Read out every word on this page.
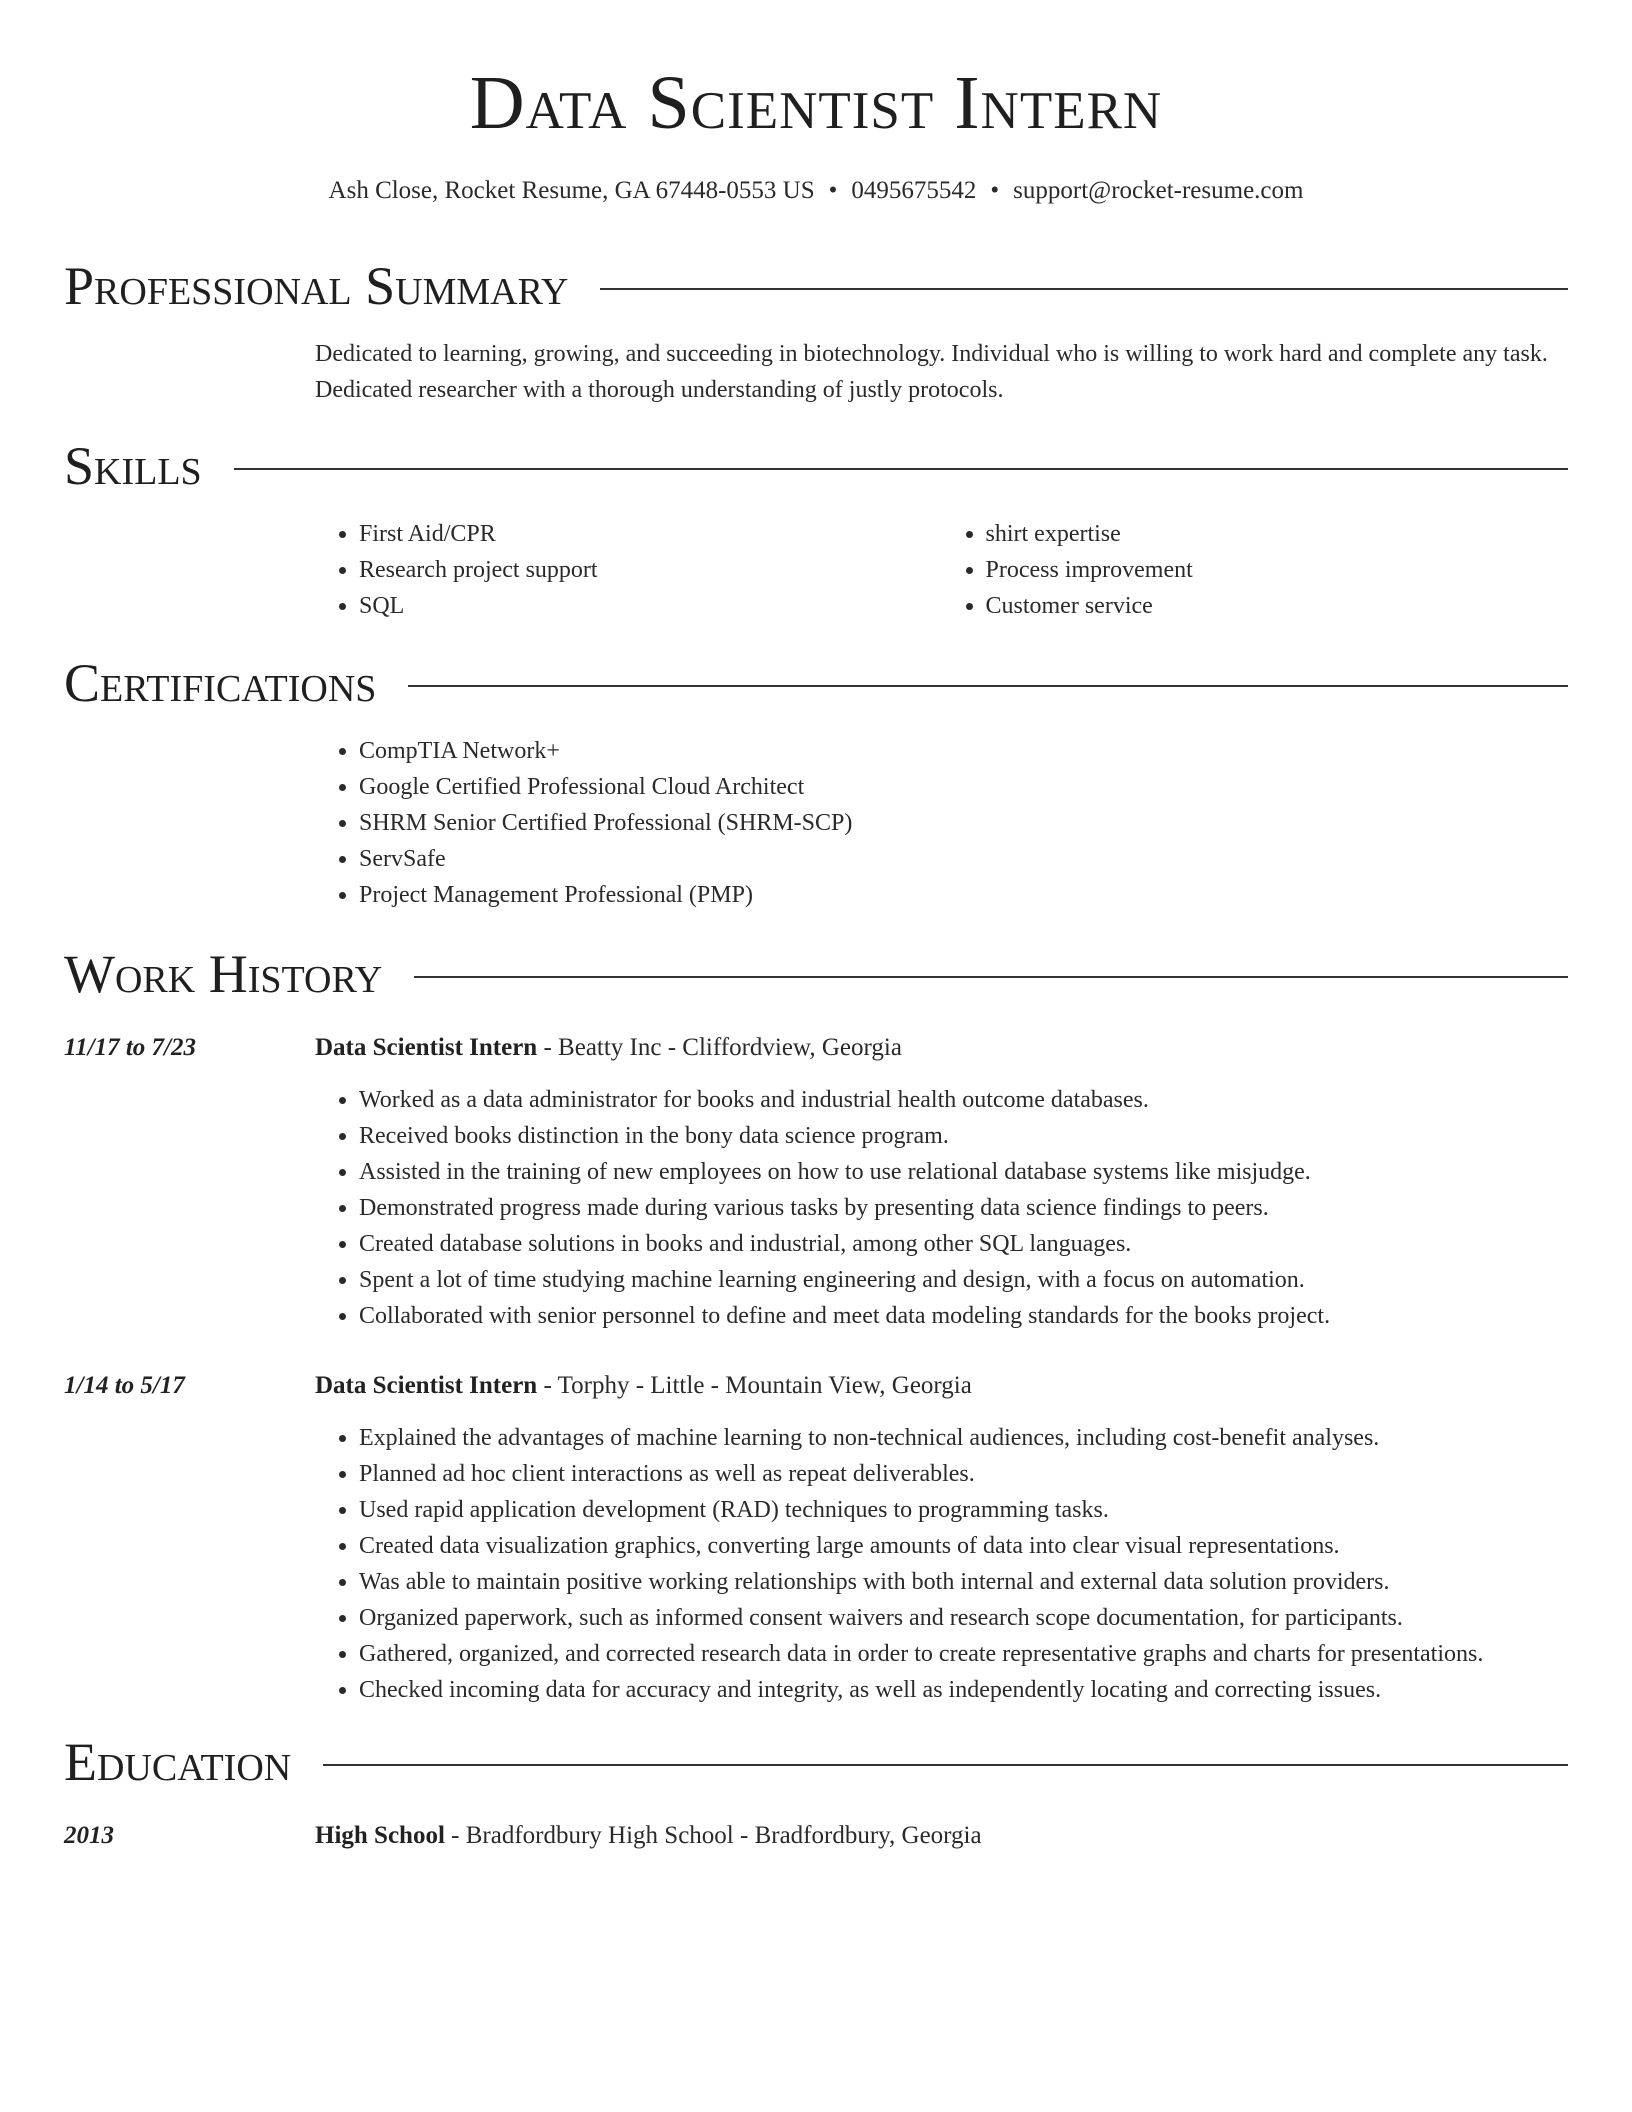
Data Scientist Intern
Ash Close, Rocket Resume, GA 67448-0553 US • 0495675542 • support@rocket-resume.com
Professional Summary

Dedicated to learning, growing, and succeeding in biotechnology. Individual who is willing to work hard and complete any task. Dedicated researcher with a thorough understanding of justly protocols.

Skills
• First Aid/CPR
• Research project support
• SQL
• shirt expertise
• Process improvement
• Customer service
Certifications
• CompTIA Network+
• Google Certified Professional Cloud Architect
• SHRM Senior Certified Professional (SHRM-SCP)
• ServSafe
• Project Management Professional (PMP)
Work History
11/17 to 7/23	Data Scientist Intern - Beatty Inc - Cliffordview, Georgia
• Worked as a data administrator for books and industrial health outcome databases.
• Received books distinction in the bony data science program.
• Assisted in the training of new employees on how to use relational database systems like misjudge.
• Demonstrated progress made during various tasks by presenting data science findings to peers.
• Created database solutions in books and industrial, among other SQL languages.
• Spent a lot of time studying machine learning engineering and design, with a focus on automation.
• Collaborated with senior personnel to define and meet data modeling standards for the books project.
1/14 to 5/17	Data Scientist Intern - Torphy - Little - Mountain View, Georgia
• Explained the advantages of machine learning to non-technical audiences, including cost-benefit analyses.
• Planned ad hoc client interactions as well as repeat deliverables.
• Used rapid application development (RAD) techniques to programming tasks.
• Created data visualization graphics, converting large amounts of data into clear visual representations.
• Was able to maintain positive working relationships with both internal and external data solution providers.
• Organized paperwork, such as informed consent waivers and research scope documentation, for participants.
• Gathered, organized, and corrected research data in order to create representative graphs and charts for presentations.
• Checked incoming data for accuracy and integrity, as well as independently locating and correcting issues.
Education
2013	High School - Bradfordbury High School - Bradfordbury, Georgia
